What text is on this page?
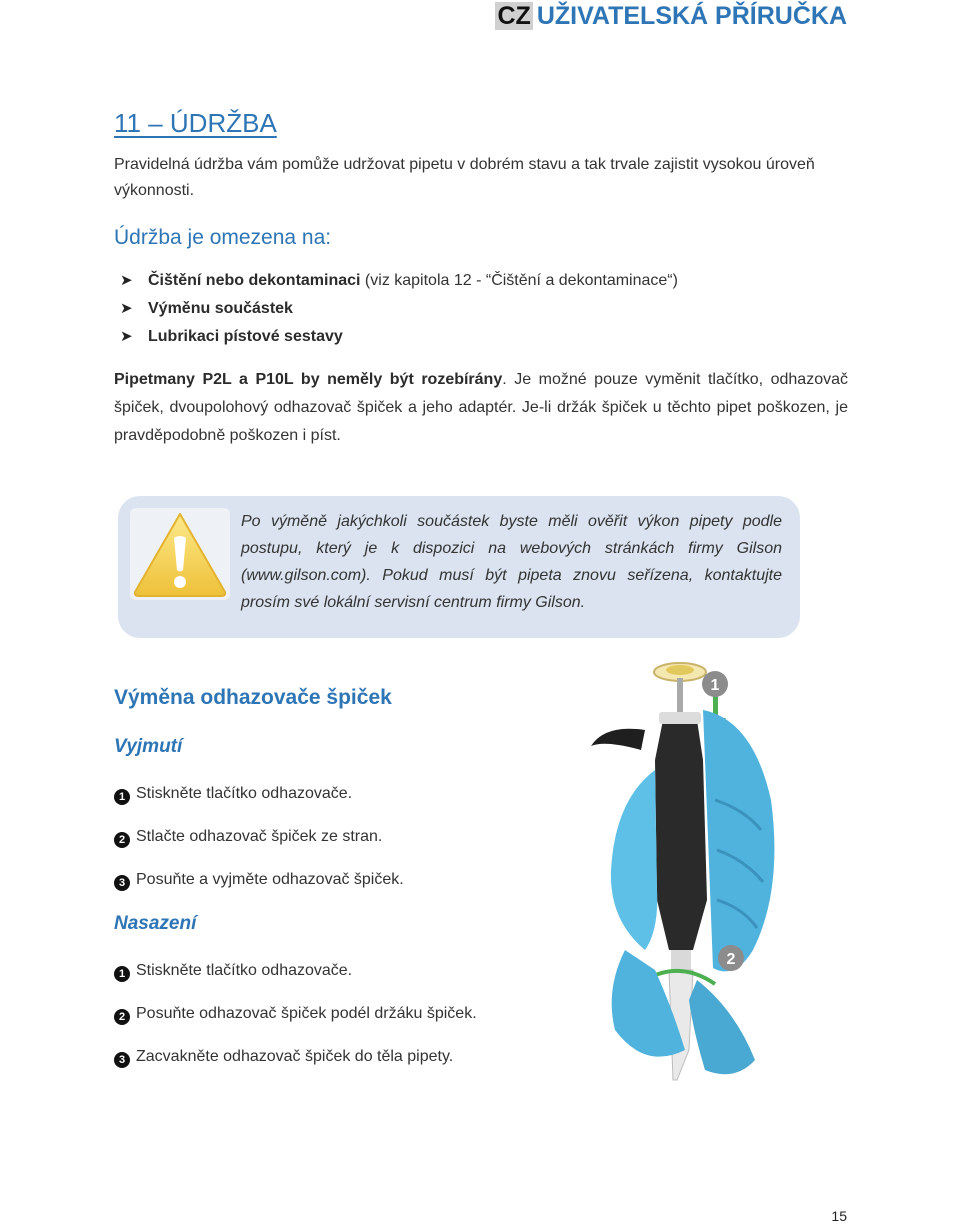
CZ UŽIVATELSKÁ PŘÍRUČKA
11 – ÚDRŽBA
Pravidelná údržba vám pomůže udržovat pipetu v dobrém stavu a tak trvale zajistit vysokou úroveň výkonnosti.
Údržba je omezena na:
➤ Čištění nebo dekontaminaci (viz kapitola 12 - “Čištění a dekontaminace“)
➤ Výměnu součástek
➤ Lubrikaci pístové sestavy
Pipetmany P2L a P10L by neměly být rozebírány. Je možné pouze vyměnit tlačítko, odhazovač špiček, dvoupolohový odhazovač špiček a jeho adaptér. Je-li držák špiček u těchto pipet poškozen, je pravděpodobně poškozen i píst.
Po výměně jakýchkoli součástek byste měli ověřit výkon pipety podle postupu, který je k dispozici na webových stránkách firmy Gilson (www.gilson.com). Pokud musí být pipeta znovu seřízena, kontaktujte prosím své lokální servisní centrum firmy Gilson.
Výměna odhazovače špiček
Vyjmutí
1 Stiskněte tlačítko odhazovače.
2 Stlačte odhazovač špiček ze stran.
3 Posuňte a vyjměte odhazovač špiček.
Nasazení
1 Stiskněte tlačítko odhazovače.
2 Posuňte odhazovač špiček podél držáku špiček.
3 Zacvakněte odhazovač špiček do těla pipety.
1
2
15
